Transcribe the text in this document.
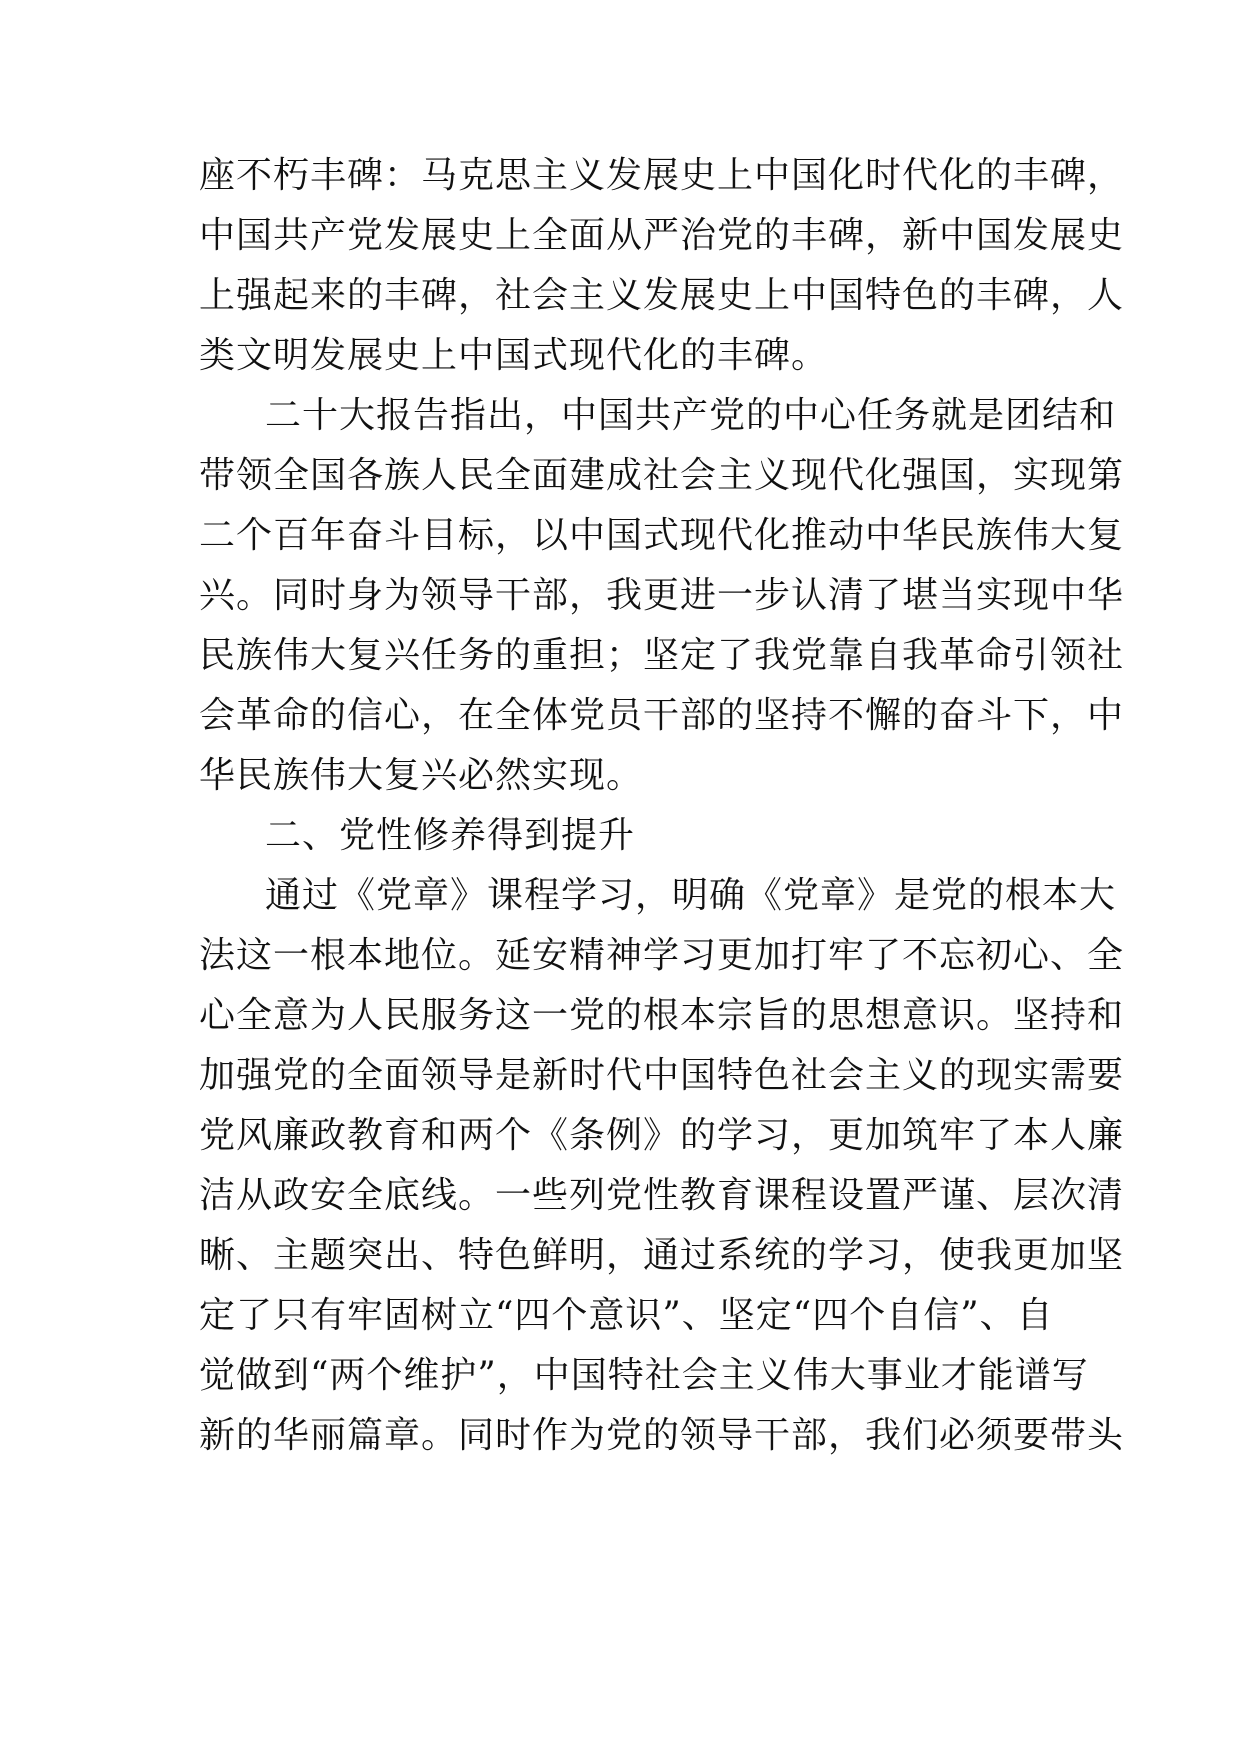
座不朽丰碑：马克思主义发展史上中国化时代化的丰碑，
中国共产党发展史上全面从严治党的丰碑，新中国发展史
上强起来的丰碑，社会主义发展史上中国特色的丰碑，人
类文明发展史上中国式现代化的丰碑。
二十大报告指出，中国共产党的中心任务就是团结和
带领全国各族人民全面建成社会主义现代化强国，实现第
二个百年奋斗目标，以中国式现代化推动中华民族伟大复
兴。同时身为领导干部，我更进一步认清了堪当实现中华
民族伟大复兴任务的重担；坚定了我党靠自我革命引领社
会革命的信心，在全体党员干部的坚持不懈的奋斗下，中
华民族伟大复兴必然实现。
二、党性修养得到提升
通过《党章》课程学习，明确《党章》是党的根本大
法这一根本地位。延安精神学习更加打牢了不忘初心、全
心全意为人民服务这一党的根本宗旨的思想意识。坚持和
加强党的全面领导是新时代中国特色社会主义的现实需要
党风廉政教育和两个《条例》的学习，更加筑牢了本人廉
洁从政安全底线。一些列党性教育课程设置严谨、层次清
晰、主题突出、特色鲜明，通过系统的学习，使我更加坚
定了只有牢固树立“四个意识”、坚定“四个自信”、自
觉做到“两个维护”，中国特社会主义伟大事业才能谱写
新的华丽篇章。同时作为党的领导干部，我们必须要带头
